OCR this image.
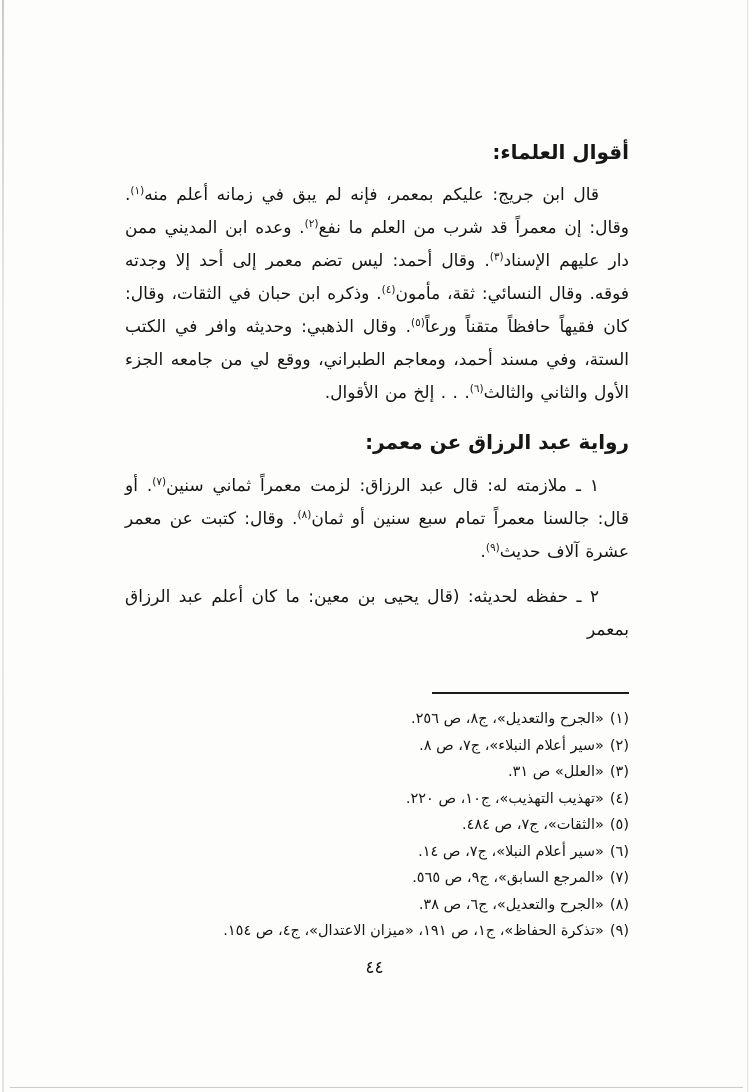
أقوال العلماء:

قال ابن جريج: عليكم بمعمر، فإنه لم يبق في زمانه أعلم منه$^{(١)}$. وقال: إن معمراً قد شرب من العلم ما نفع$^{(٢)}$. وعده ابن المديني ممن دار عليهم الإسناد$^{(٣)}$. وقال أحمد: ليس تضم معمر إلى أحد إلا وجدته فوقه. وقال النسائي: ثقة، مأمون$^{(٤)}$. وذكره ابن حبان في الثقات، وقال: كان فقيهاً حافظاً متقناً ورعاً$^{(٥)}$. وقال الذهبي: وحديثه وافر في الكتب الستة، وفي مسند أحمد، ومعاجم الطبراني، ووقع لي من جامعه الجزء الأول والثاني والثالث$^{(٦)}$. . . إلخ من الأقوال.

رواية عبد الرزاق عن معمر:

١ ـ ملازمته له: قال عبد الرزاق: لزمت معمراً ثماني سنين$^{(٧)}$. أو قال: جالسنا معمراً تمام سبع سنين أو ثمان$^{(٨)}$. وقال: كتبت عن معمر عشرة آلاف حديث$^{(٩)}$.

٢ ـ حفظه لحديثه: (قال يحيى بن معين: ما كان أعلم عبد الرزاق بمعمر

(١)«الجرح والتعديل»، ج٨، ص ٢٥٦.
(٢)«سير أعلام النبلاء»، ج٧، ص ٨.
(٣)«العلل» ص ٣١.
(٤)«تهذيب التهذيب»، ج١٠، ص ٢٢٠.
(٥)«الثقات»، ج٧، ص ٤٨٤.
(٦)«سير أعلام النبلا»، ج٧، ص ١٤.
(٧)«المرجع السابق»، ج٩، ص ٥٦٥.
(٨)«الجرح والتعديل»، ج٦، ص ٣٨.
(٩)«تذكرة الحفاظ»، ج١، ص ١٩١، «ميزان الاعتدال»، ج٤، ص ١٥٤.
٤٤
